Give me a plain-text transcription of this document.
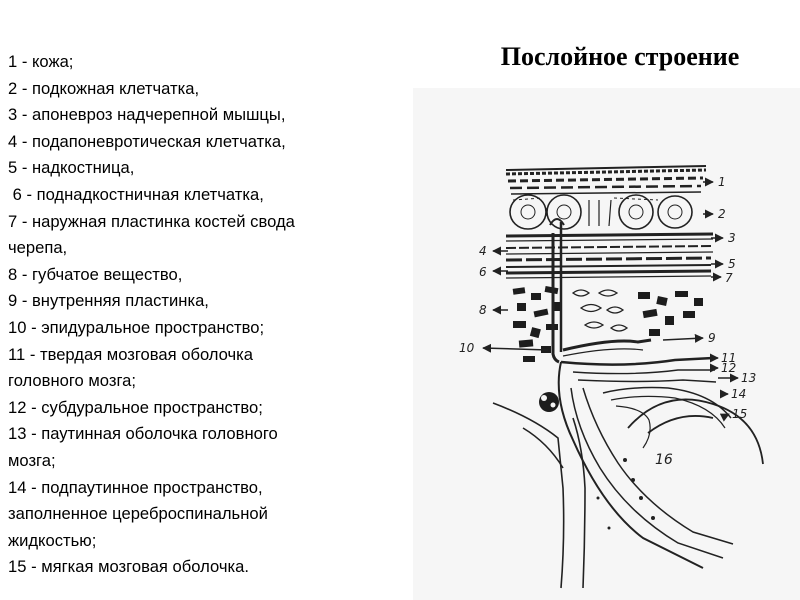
1 - кожа;
2 - подкожная клетчатка,
3 - апоневроз надчерепной мышцы,
4 - подапоневротическая клетчатка,
5 - надкостница,
6 - поднадкостничная клетчатка,
7 - наружная пластинка костей свода
черепа,
8 - губчатое вещество,
9 - внутренняя пластинка,
10 - эпидуральное пространство;
11 - твердая мозговая оболочка
головного мозга;
12 - субдуральное пространство;
13 - паутинная оболочка головного
мозга;
14 - подпаутинное пространство,
заполненное цереброспинальной
жидкостью;
15 - мягкая мозговая оболочка.
Послойное строение
1
2
3
4
5
6	7
8
9
10
11
12
13
14
15
16
